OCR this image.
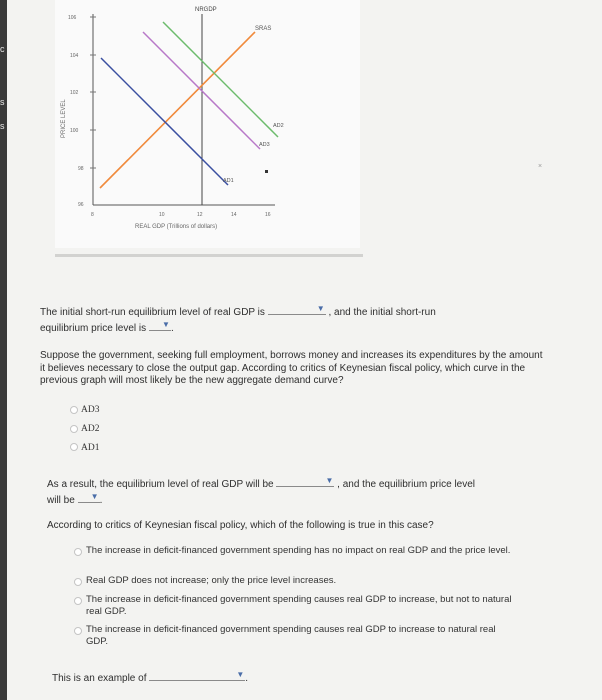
c
s
s
106
104
102
100
98
96
PRICE LEVEL
8	10	12	14	16
REAL GDP (Trillions of dollars)
NRGDP
SRAS
AD1
AD3
AD2
×
The initial short-run equilibrium level of real GDP is	▼ , and the initial short-run
equilibrium price level is ▼ .
Suppose the government, seeking full employment, borrows money and increases its expenditures by the amount it believes necessary to close the output gap. According to critics of Keynesian fiscal policy, which curve in the previous graph will most likely be the new aggregate demand curve?
AD3
AD2
AD1
As a result, the equilibrium level of real GDP will be	▼ , and the equilibrium price level
will be ▼ .
According to critics of Keynesian fiscal policy, which of the following is true in this case?
The increase in deficit-financed government spending has no impact on real GDP and the price level.
Real GDP does not increase; only the price level increases.
The increase in deficit-financed government spending causes real GDP to increase, but not to natural real GDP.
The increase in deficit-financed government spending causes real GDP to increase to natural real GDP.
This is an example of	▼ .
